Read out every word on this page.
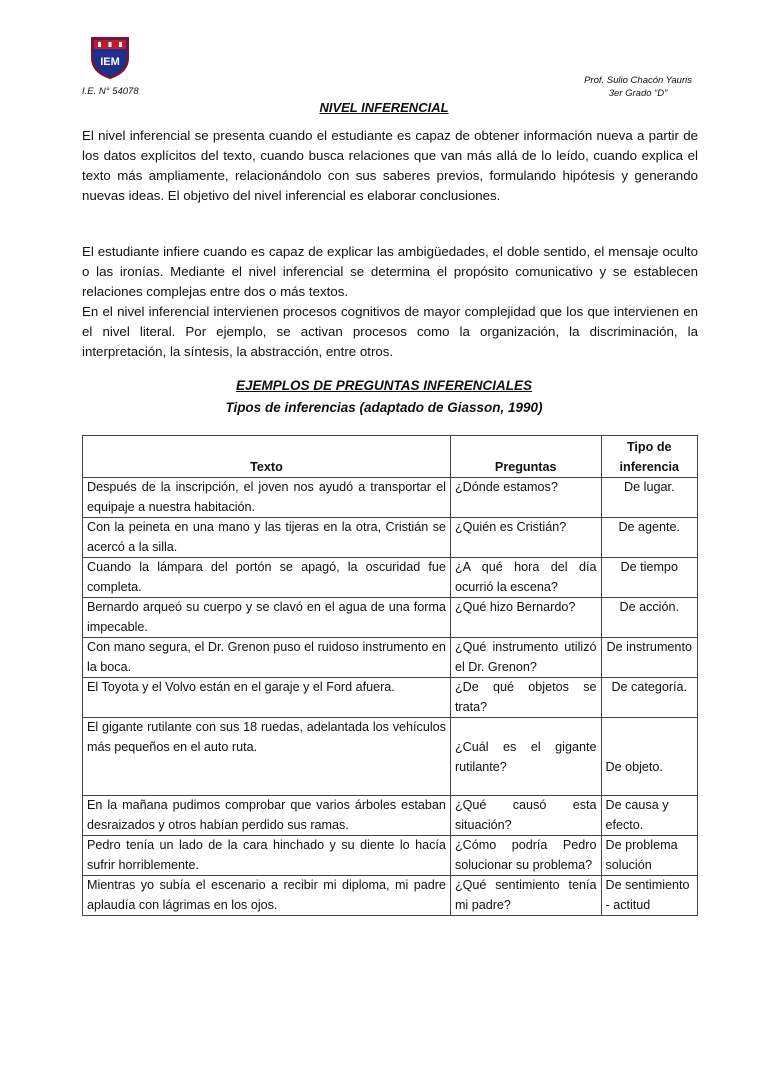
IEM
Prof. Sulio Chacón Yauris
3er Grado “D”
I.E. N° 54078
NIVEL INFERENCIAL
El nivel inferencial se presenta cuando el estudiante es capaz de obtener información nueva a partir de los datos explícitos del texto, cuando busca relaciones que van más allá de lo leído, cuando explica el texto más ampliamente, relacionándolo con sus saberes previos, formulando hipótesis y generando nuevas ideas. El objetivo del nivel inferencial es elaborar conclusiones.
El estudiante infiere cuando es capaz de explicar las ambigüedades, el doble sentido, el mensaje oculto o las ironías. Mediante el nivel inferencial se determina el propósito comunicativo y se establecen relaciones complejas entre dos o más textos.
En el nivel inferencial intervienen procesos cognitivos de mayor complejidad que los que intervienen en el nivel literal. Por ejemplo, se activan procesos como la organización, la discriminación, la interpretación, la síntesis, la abstracción, entre otros.
EJEMPLOS DE PREGUNTAS INFERENCIALES
Tipos de inferencias (adaptado de Giasson, 1990)
Texto	Preguntas	Tipo de inferencia
Después de la inscripción, el joven nos ayudó a transportar el equipaje a nuestra habitación.	¿Dónde estamos?	De lugar.
Con la peineta en una mano y las tijeras en la otra, Cristián se acercó a la silla.	¿Quién es Cristián?	De agente.
Cuando la lámpara del portón se apagó, la oscuridad fue completa.	¿A qué hora del día ocurrió la escena?	De tiempo
Bernardo arqueó su cuerpo y se clavó en el agua de una forma impecable.	¿Qué hizo Bernardo?	De acción.
Con mano segura, el Dr. Grenon puso el ruidoso instrumento en la boca.	¿Qué instrumento utilizó el Dr. Grenon?	De instrumento
El Toyota y el Volvo están en el garaje y el Ford afuera.	¿De qué objetos se trata?	De categoría.
El gigante rutilante con sus 18 ruedas, adelantada los vehículos más pequeños en el auto ruta.	¿Cuál es el gigante rutilante?	De objeto.
En la mañana pudimos comprobar que varios árboles estaban desraizados y otros habían perdido sus ramas.	¿Qué causó esta situación?	De causa y efecto.
Pedro tenía un lado de la cara hinchado y su diente lo hacía sufrir horriblemente.	¿Cómo podría Pedro solucionar su problema?	De problema solución
Mientras yo subía el escenario a recibir mi diploma, mi padre aplaudía con lágrimas en los ojos.	¿Qué sentimiento tenía mi padre?	De sentimiento - actitud
